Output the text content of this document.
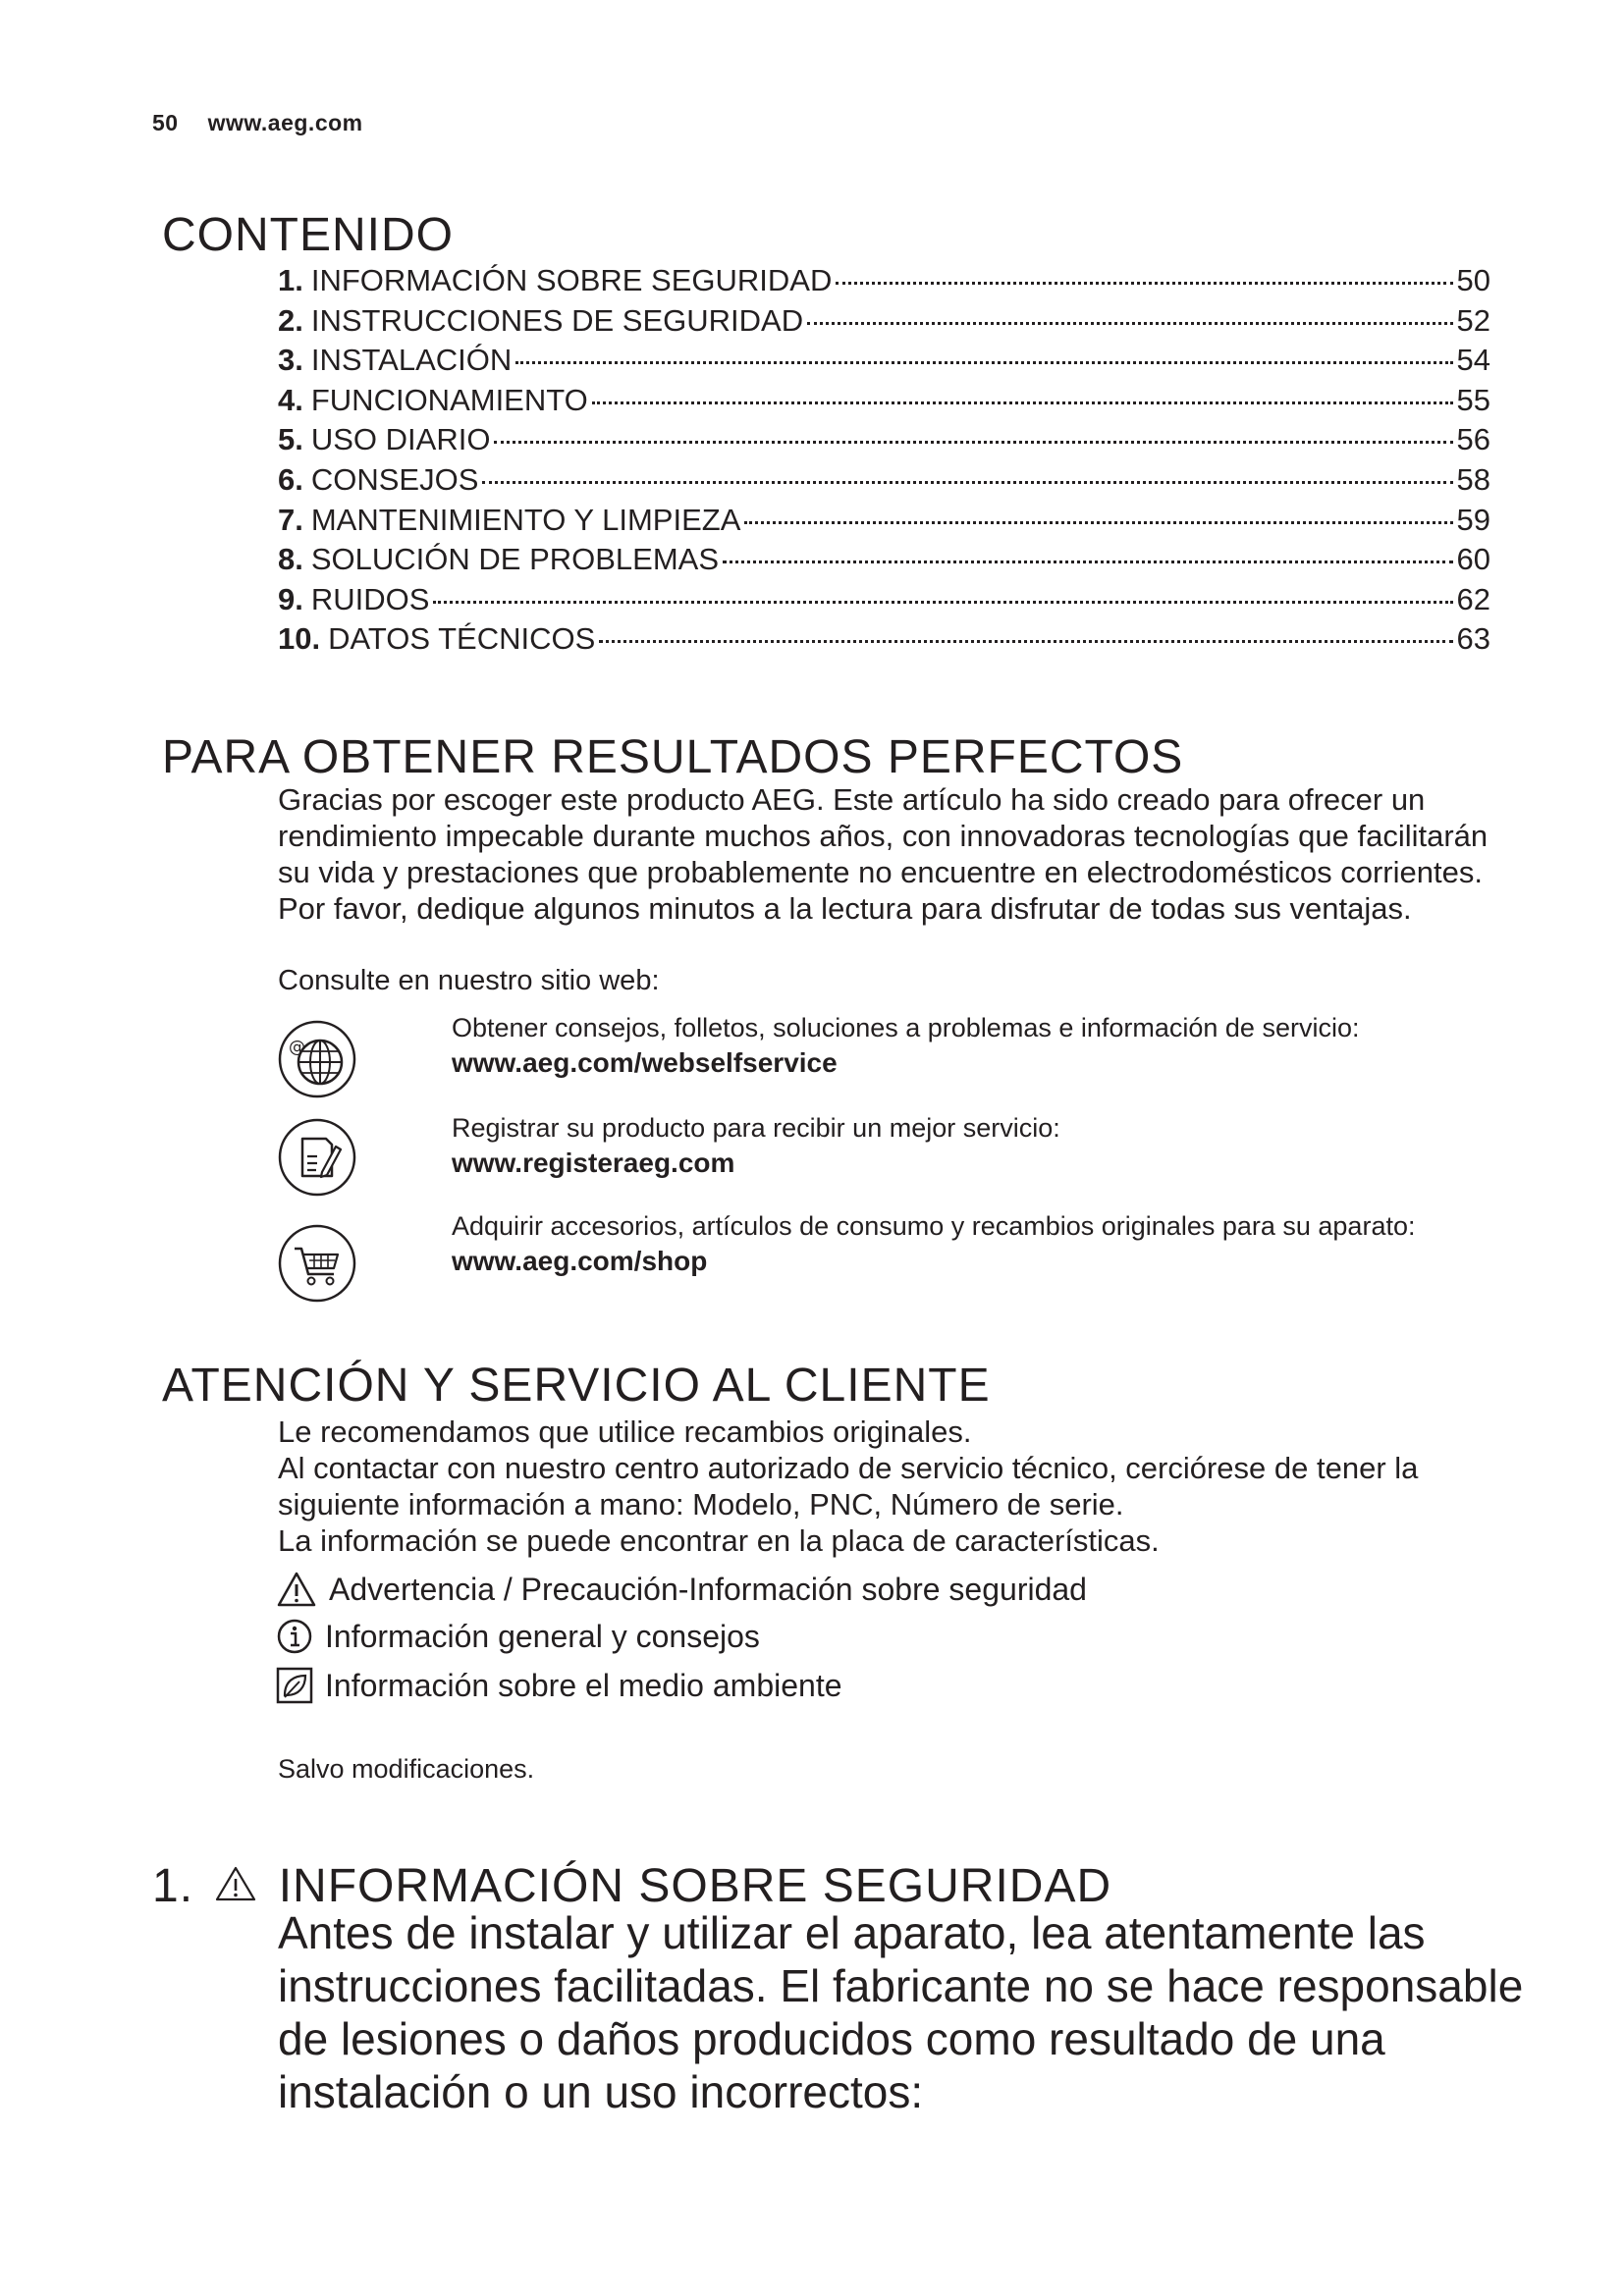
50 www.aeg.com
CONTENIDO
1. INFORMACIÓN SOBRE SEGURIDAD	50
2. INSTRUCCIONES DE SEGURIDAD	52
3. INSTALACIÓN	54
4. FUNCIONAMIENTO	55
5. USO DIARIO	56
6. CONSEJOS	58
7. MANTENIMIENTO Y LIMPIEZA	59
8. SOLUCIÓN DE PROBLEMAS	60
9. RUIDOS	62
10. DATOS TÉCNICOS	63
PARA OBTENER RESULTADOS PERFECTOS

Gracias por escoger este producto AEG. Este artículo ha sido creado para ofrecer un rendimiento impecable durante muchos años, con innovadoras tecnologías que facilitarán su vida y prestaciones que probablemente no encuentre en electrodomésticos corrientes. Por favor, dedique algunos minutos a la lectura para disfrutar de todas sus ventajas.

Consulte en nuestro sitio web:
@
Obtener consejos, folletos, soluciones a problemas e información de servicio:
www.aeg.com/webselfservice
Registrar su producto para recibir un mejor servicio:
www.registeraeg.com
Adquirir accesorios, artículos de consumo y recambios originales para su aparato:
www.aeg.com/shop
ATENCIÓN Y SERVICIO AL CLIENTE
Le recomendamos que utilice recambios originales.
Al contactar con nuestro centro autorizado de servicio técnico, cerciórese de tener la siguiente información a mano: Modelo, PNC, Número de serie.
La información se puede encontrar en la placa de características.
Advertencia / Precaución-Información sobre seguridad
Información general y consejos
Información sobre el medio ambiente
Salvo modificaciones.
1. INFORMACIÓN SOBRE SEGURIDAD

Antes de instalar y utilizar el aparato, lea atentamente las instrucciones facilitadas. El fabricante no se hace responsable de lesiones o daños producidos como resultado de una instalación o un uso incorrectos:
